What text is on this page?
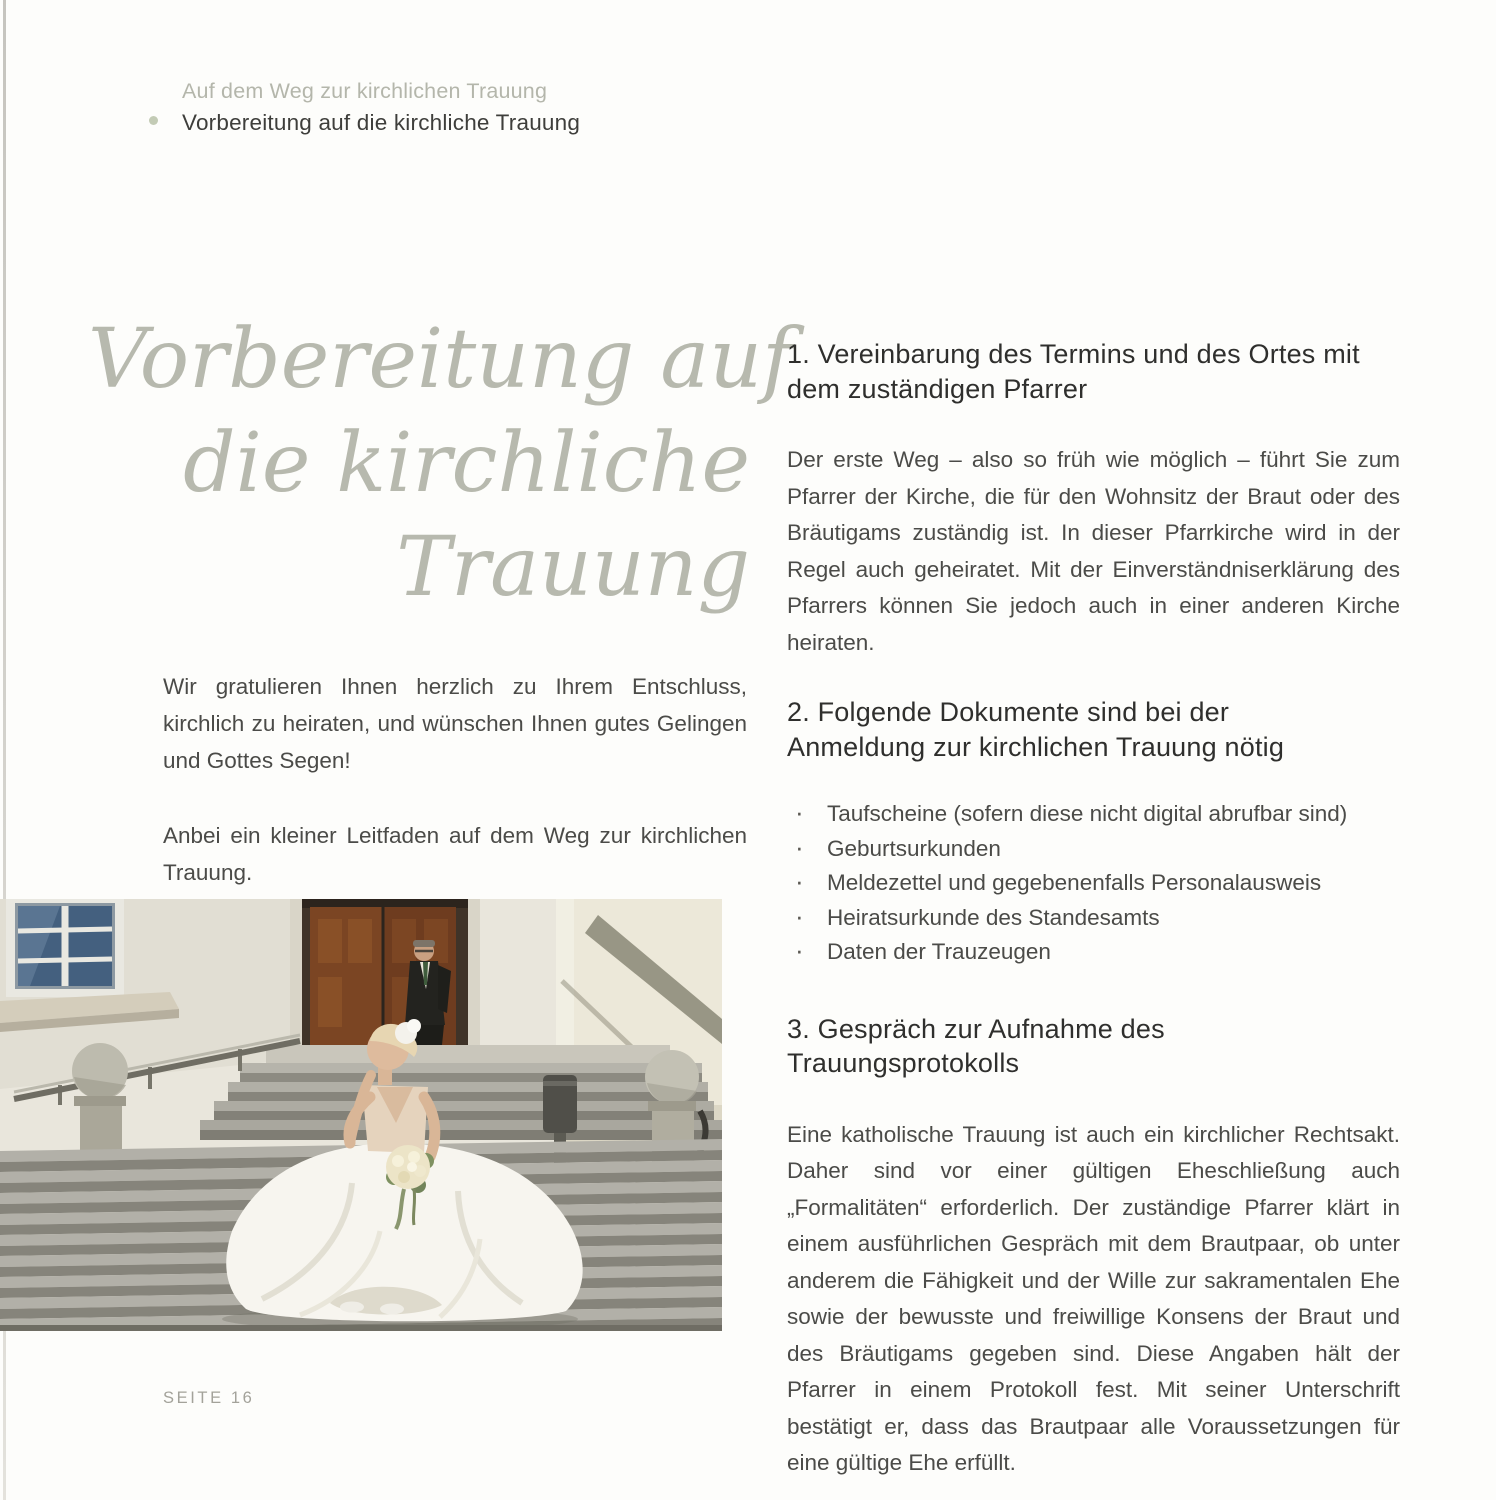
Auf dem Weg zur kirchlichen Trauung
Vorbereitung auf die kirchliche Trauung
Vorbereitung auf
die kirchliche
Trauung

Wir gratulieren Ihnen herzlich zu Ihrem Entschluss, kirchlich zu heiraten, und wünschen Ihnen gutes Gelingen und Gottes Segen!

Anbei ein kleiner Leitfaden auf dem Weg zur kirchlichen Trauung.

1. Vereinbarung des Termins und des Ortes mit dem zuständigen Pfarrer

Der erste Weg – also so früh wie möglich – führt Sie zum Pfarrer der Kirche, die für den Wohnsitz der Braut oder des Bräutigams zuständig ist. In dieser Pfarrkirche wird in der Regel auch geheiratet. Mit der Einverständniserklärung des Pfarrers können Sie jedoch auch in einer anderen Kirche heiraten.

2. Folgende Dokumente sind bei der Anmeldung zur kirchlichen Trauung nötig
· Taufscheine (sofern diese nicht digital abrufbar sind)
· Geburtsurkunden
· Meldezettel und gegebenenfalls Personalausweis
· Heiratsurkunde des Standesamts
· Daten der Trauzeugen
3. Gespräch zur Aufnahme des Trauungsprotokolls

Eine katholische Trauung ist auch ein kirchlicher Rechtsakt. Daher sind vor einer gültigen Eheschließung auch „Formalitäten“ erforderlich. Der zuständige Pfarrer klärt in einem ausführlichen Gespräch mit dem Brautpaar, ob unter anderem die Fähigkeit und der Wille zur sakramentalen Ehe sowie der bewusste und freiwillige Konsens der Braut und des Bräutigams gegeben sind. Diese Angaben hält der Pfarrer in einem Protokoll fest. Mit seiner Unterschrift bestätigt er, dass das Brautpaar alle Voraussetzungen für eine gültige Ehe erfüllt.

SEITE 16
